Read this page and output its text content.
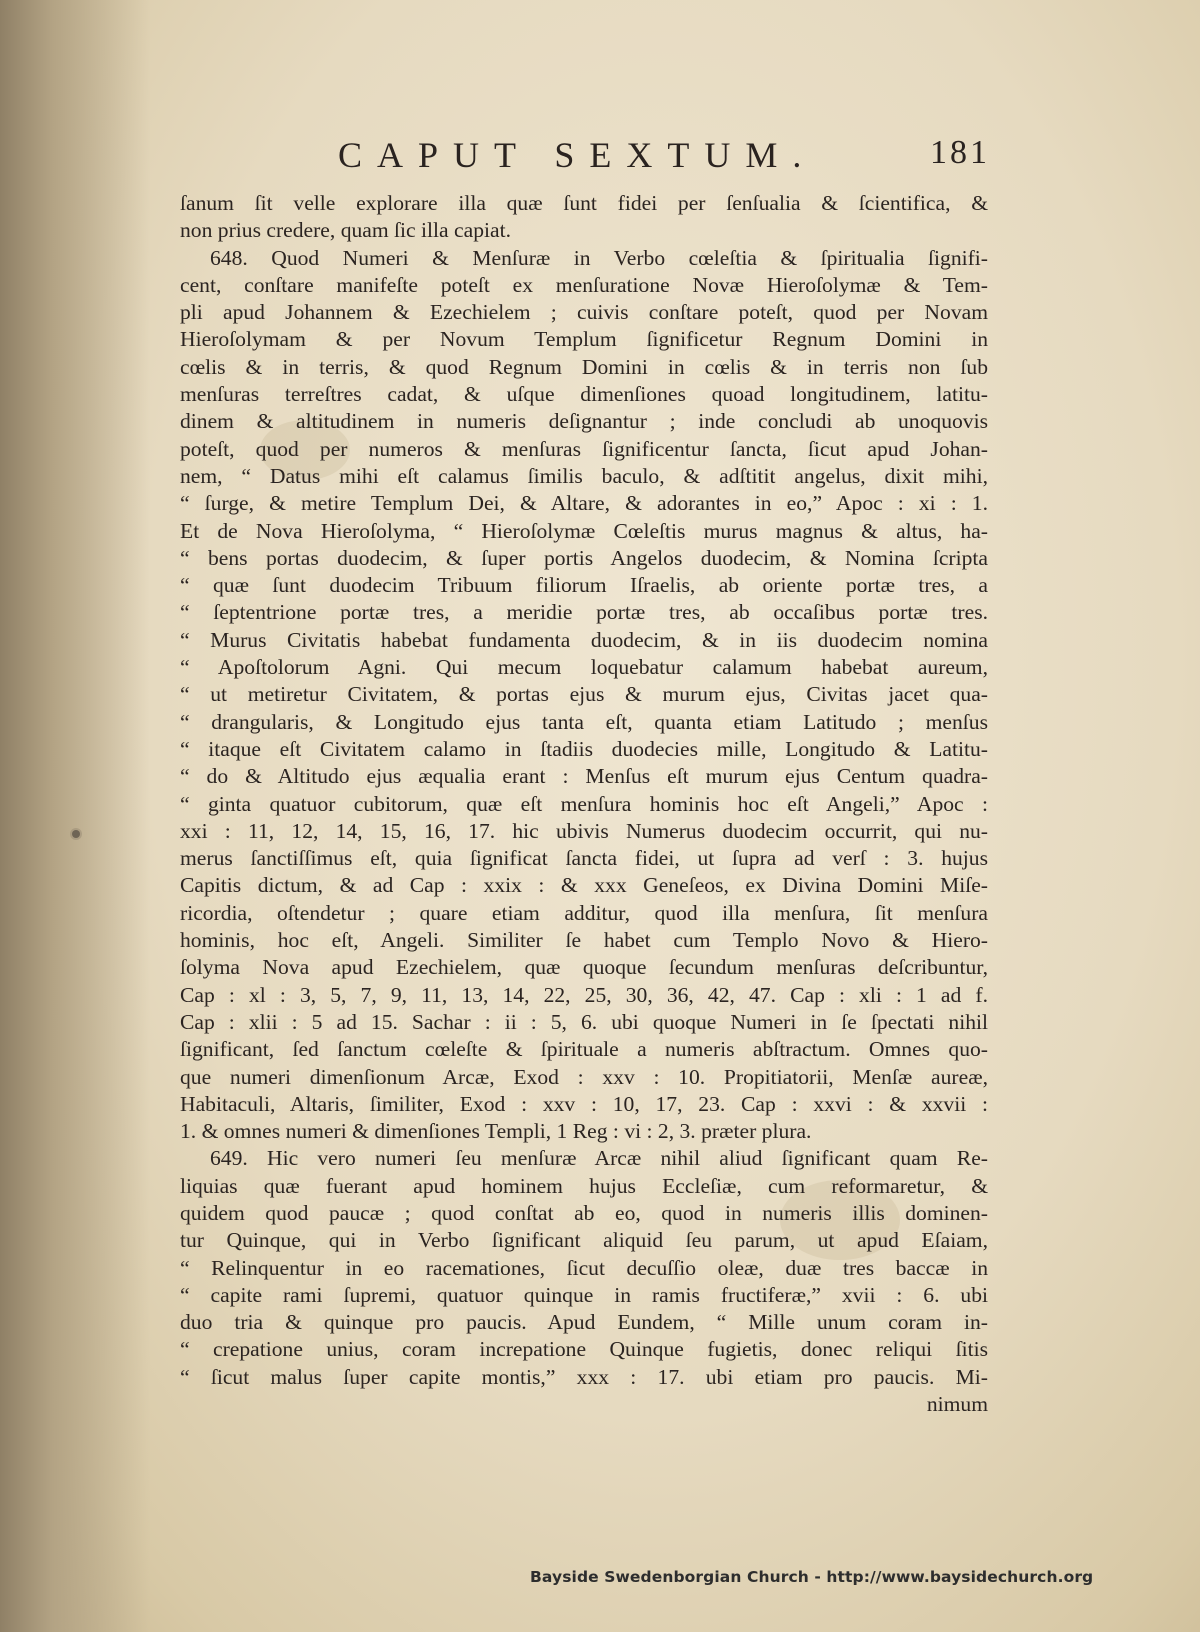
CAPUT SEXTUM.	181
ſanum ſit velle explorare illa quæ ſunt fidei per ſenſualia & ſcientifica, &
non prius credere, quam ſic illa capiat.
648. Quod Numeri & Menſuræ in Verbo cœleſtia & ſpiritualia ſignifi-
cent, conſtare manifeſte poteſt ex menſuratione Novæ Hieroſolymæ & Tem-
pli apud Johannem & Ezechielem ; cuivis conſtare poteſt, quod per Novam
Hieroſolymam & per Novum Templum ſignificetur Regnum Domini in
cœlis & in terris, & quod Regnum Domini in cœlis & in terris non ſub
menſuras terreſtres cadat, & uſque dimenſiones quoad longitudinem, latitu-
dinem & altitudinem in numeris deſignantur ; inde concludi ab unoquovis
poteſt, quod per numeros & menſuras ſignificentur ſancta, ſicut apud Johan-
nem, “ Datus mihi eſt calamus ſimilis baculo, & adſtitit angelus, dixit mihi,
“ ſurge, & metire Templum Dei, & Altare, & adorantes in eo,” Apoc : xi : 1.
Et de Nova Hieroſolyma, “ Hieroſolymæ Cœleſtis murus magnus & altus, ha-
“ bens portas duodecim, & ſuper portis Angelos duodecim, & Nomina ſcripta
“ quæ ſunt duodecim Tribuum filiorum Iſraelis, ab oriente portæ tres, a
“ ſeptentrione portæ tres, a meridie portæ tres, ab occaſibus portæ tres.
“ Murus Civitatis habebat fundamenta duodecim, & in iis duodecim nomina
“ Apoſtolorum Agni. Qui mecum loquebatur calamum habebat aureum,
“ ut metiretur Civitatem, & portas ejus & murum ejus, Civitas jacet qua-
“ drangularis, & Longitudo ejus tanta eſt, quanta etiam Latitudo ; menſus
“ itaque eſt Civitatem calamo in ſtadiis duodecies mille, Longitudo & Latitu-
“ do & Altitudo ejus æqualia erant : Menſus eſt murum ejus Centum quadra-
“ ginta quatuor cubitorum, quæ eſt menſura hominis hoc eſt Angeli,” Apoc :
xxi : 11, 12, 14, 15, 16, 17. hic ubivis Numerus duodecim occurrit, qui nu-
merus ſanctiſſimus eſt, quia ſignificat ſancta fidei, ut ſupra ad verſ : 3. hujus
Capitis dictum, & ad Cap : xxix : & xxx Geneſeos, ex Divina Domini Miſe-
ricordia, oſtendetur ; quare etiam additur, quod illa menſura, ſit menſura
hominis, hoc eſt, Angeli. Similiter ſe habet cum Templo Novo & Hiero-
ſolyma Nova apud Ezechielem, quæ quoque ſecundum menſuras deſcribuntur,
Cap : xl : 3, 5, 7, 9, 11, 13, 14, 22, 25, 30, 36, 42, 47. Cap : xli : 1 ad f.
Cap : xlii : 5 ad 15. Sachar : ii : 5, 6. ubi quoque Numeri in ſe ſpectati nihil
ſignificant, ſed ſanctum cœleſte & ſpirituale a numeris abſtractum. Omnes quo-
que numeri dimenſionum Arcæ, Exod : xxv : 10. Propitiatorii, Menſæ aureæ,
Habitaculi, Altaris, ſimiliter, Exod : xxv : 10, 17, 23. Cap : xxvi : & xxvii :
1. & omnes numeri & dimenſiones Templi, 1 Reg : vi : 2, 3. præter plura.
649. Hic vero numeri ſeu menſuræ Arcæ nihil aliud ſignificant quam Re-
liquias quæ fuerant apud hominem hujus Eccleſiæ, cum reformaretur, &
quidem quod paucæ ; quod conſtat ab eo, quod in numeris illis dominen-
tur Quinque, qui in Verbo ſignificant aliquid ſeu parum, ut apud Eſaiam,
“ Relinquentur in eo racemationes, ſicut decuſſio oleæ, duæ tres baccæ in
“ capite rami ſupremi, quatuor quinque in ramis fructiferæ,” xvii : 6. ubi
duo tria & quinque pro paucis. Apud Eundem, “ Mille unum coram in-
“ crepatione unius, coram increpatione Quinque fugietis, donec reliqui ſitis
“ ſicut malus ſuper capite montis,” xxx : 17. ubi etiam pro paucis. Mi-
nimum
Bayside Swedenborgian Church - http://www.baysidechurch.org
